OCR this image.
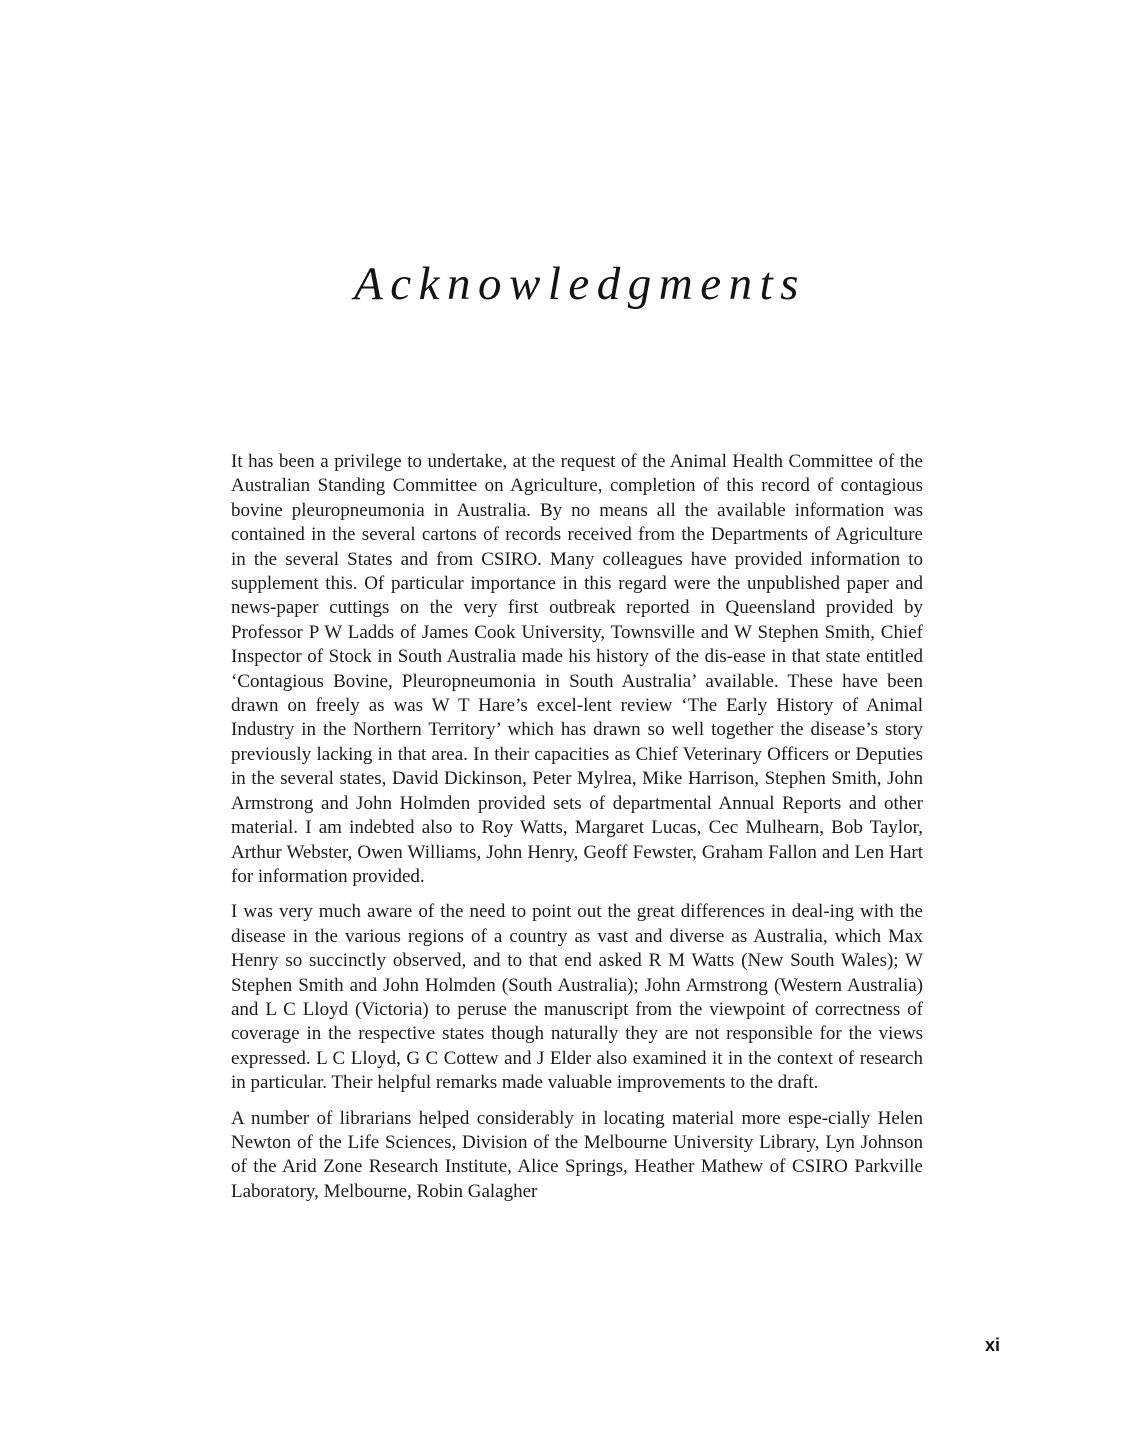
Acknowledgments

It has been a privilege to undertake, at the request of the Animal Health Committee of the Australian Standing Committee on Agriculture, completion of this record of contagious bovine pleuropneumonia in Australia. By no means all the available information was contained in the several cartons of records received from the Departments of Agriculture in the several States and from CSIRO. Many colleagues have provided information to supplement this. Of particular importance in this regard were the unpublished paper and news-paper cuttings on the very first outbreak reported in Queensland provided by Professor P W Ladds of James Cook University, Townsville and W Stephen Smith, Chief Inspector of Stock in South Australia made his history of the dis-ease in that state entitled ‘Contagious Bovine, Pleuropneumonia in South Australia’ available. These have been drawn on freely as was W T Hare’s excel-lent review ‘The Early History of Animal Industry in the Northern Territory’ which has drawn so well together the disease’s story previously lacking in that area. In their capacities as Chief Veterinary Officers or Deputies in the several states, David Dickinson, Peter Mylrea, Mike Harrison, Stephen Smith, John Armstrong and John Holmden provided sets of departmental Annual Reports and other material. I am indebted also to Roy Watts, Margaret Lucas, Cec Mulhearn, Bob Taylor, Arthur Webster, Owen Williams, John Henry, Geoff Fewster, Graham Fallon and Len Hart for information provided.

I was very much aware of the need to point out the great differences in deal-ing with the disease in the various regions of a country as vast and diverse as Australia, which Max Henry so succinctly observed, and to that end asked R M Watts (New South Wales); W Stephen Smith and John Holmden (South Australia); John Armstrong (Western Australia) and L C Lloyd (Victoria) to peruse the manuscript from the viewpoint of correctness of coverage in the respective states though naturally they are not responsible for the views expressed. L C Lloyd, G C Cottew and J Elder also examined it in the context of research in particular. Their helpful remarks made valuable improvements to the draft.

A number of librarians helped considerably in locating material more espe-cially Helen Newton of the Life Sciences, Division of the Melbourne University Library, Lyn Johnson of the Arid Zone Research Institute, Alice Springs, Heather Mathew of CSIRO Parkville Laboratory, Melbourne, Robin Galagher

xi
